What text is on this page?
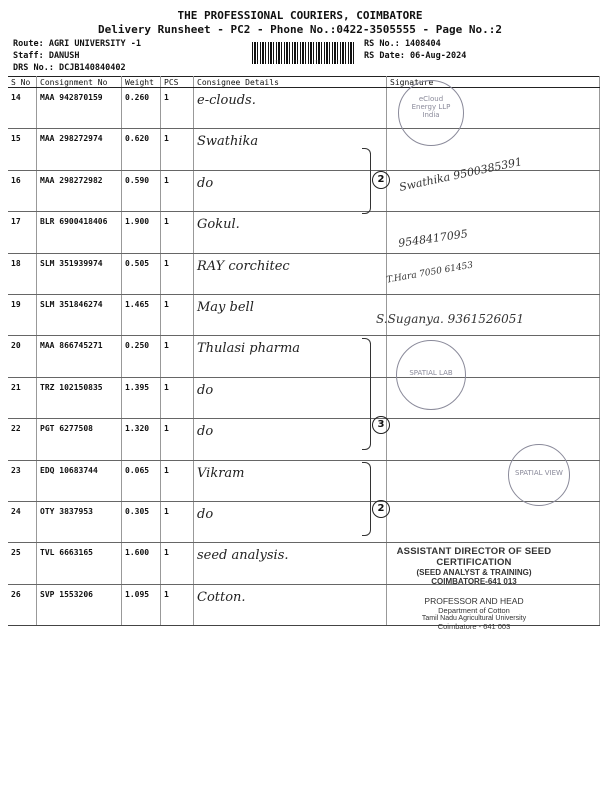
THE PROFESSIONAL COURIERS, COIMBATORE
Delivery Runsheet - PC2 - Phone No.:0422-3505555 - Page No.:2
Route: AGRI UNIVERSITY -1
Staff: DANUSH
DRS No.: DCJB140840402
RS No.: 1408404
RS Date: 06-Aug-2024
S No	Consignment No	Weight	PCS	Consignee Details	Signature
14	MAA 942870159	0.260	1	e-clouds.	
15	MAA 298272974	0.620	1	Swathika	
16	MAA 298272982	0.590	1	do	
17	BLR 6900418406	1.900	1	Gokul.	
18	SLM 351939974	0.505	1	RAY corchitec	
19	SLM 351846274	1.465	1	May bell	
20	MAA 866745271	0.250	1	Thulasi pharma	
21	TRZ 102150835	1.395	1	do	
22	PGT 6277508	1.320	1	do	
23	EDQ 10683744	0.065	1	Vikram	
24	OTY 3837953	0.305	1	do	
25	TVL 6663165	1.600	1	seed analysis.	
26	SVP 1553206	1.095	1	Cotton.	
2
3
2
Swathika 9500385391
9548417095
T.Hara 7050 61453
S.Suganya. 9361526051
eCloud
Energy LLP
India
SPATIAL LAB
SPATIAL VIEW
ASSISTANT DIRECTOR OF SEED CERTIFICATION
(SEED ANALYST & TRAINING)
COIMBATORE-641 013
PROFESSOR AND HEAD
Department of Cotton
Tamil Nadu Agricultural University
Coimbatore - 641 003
